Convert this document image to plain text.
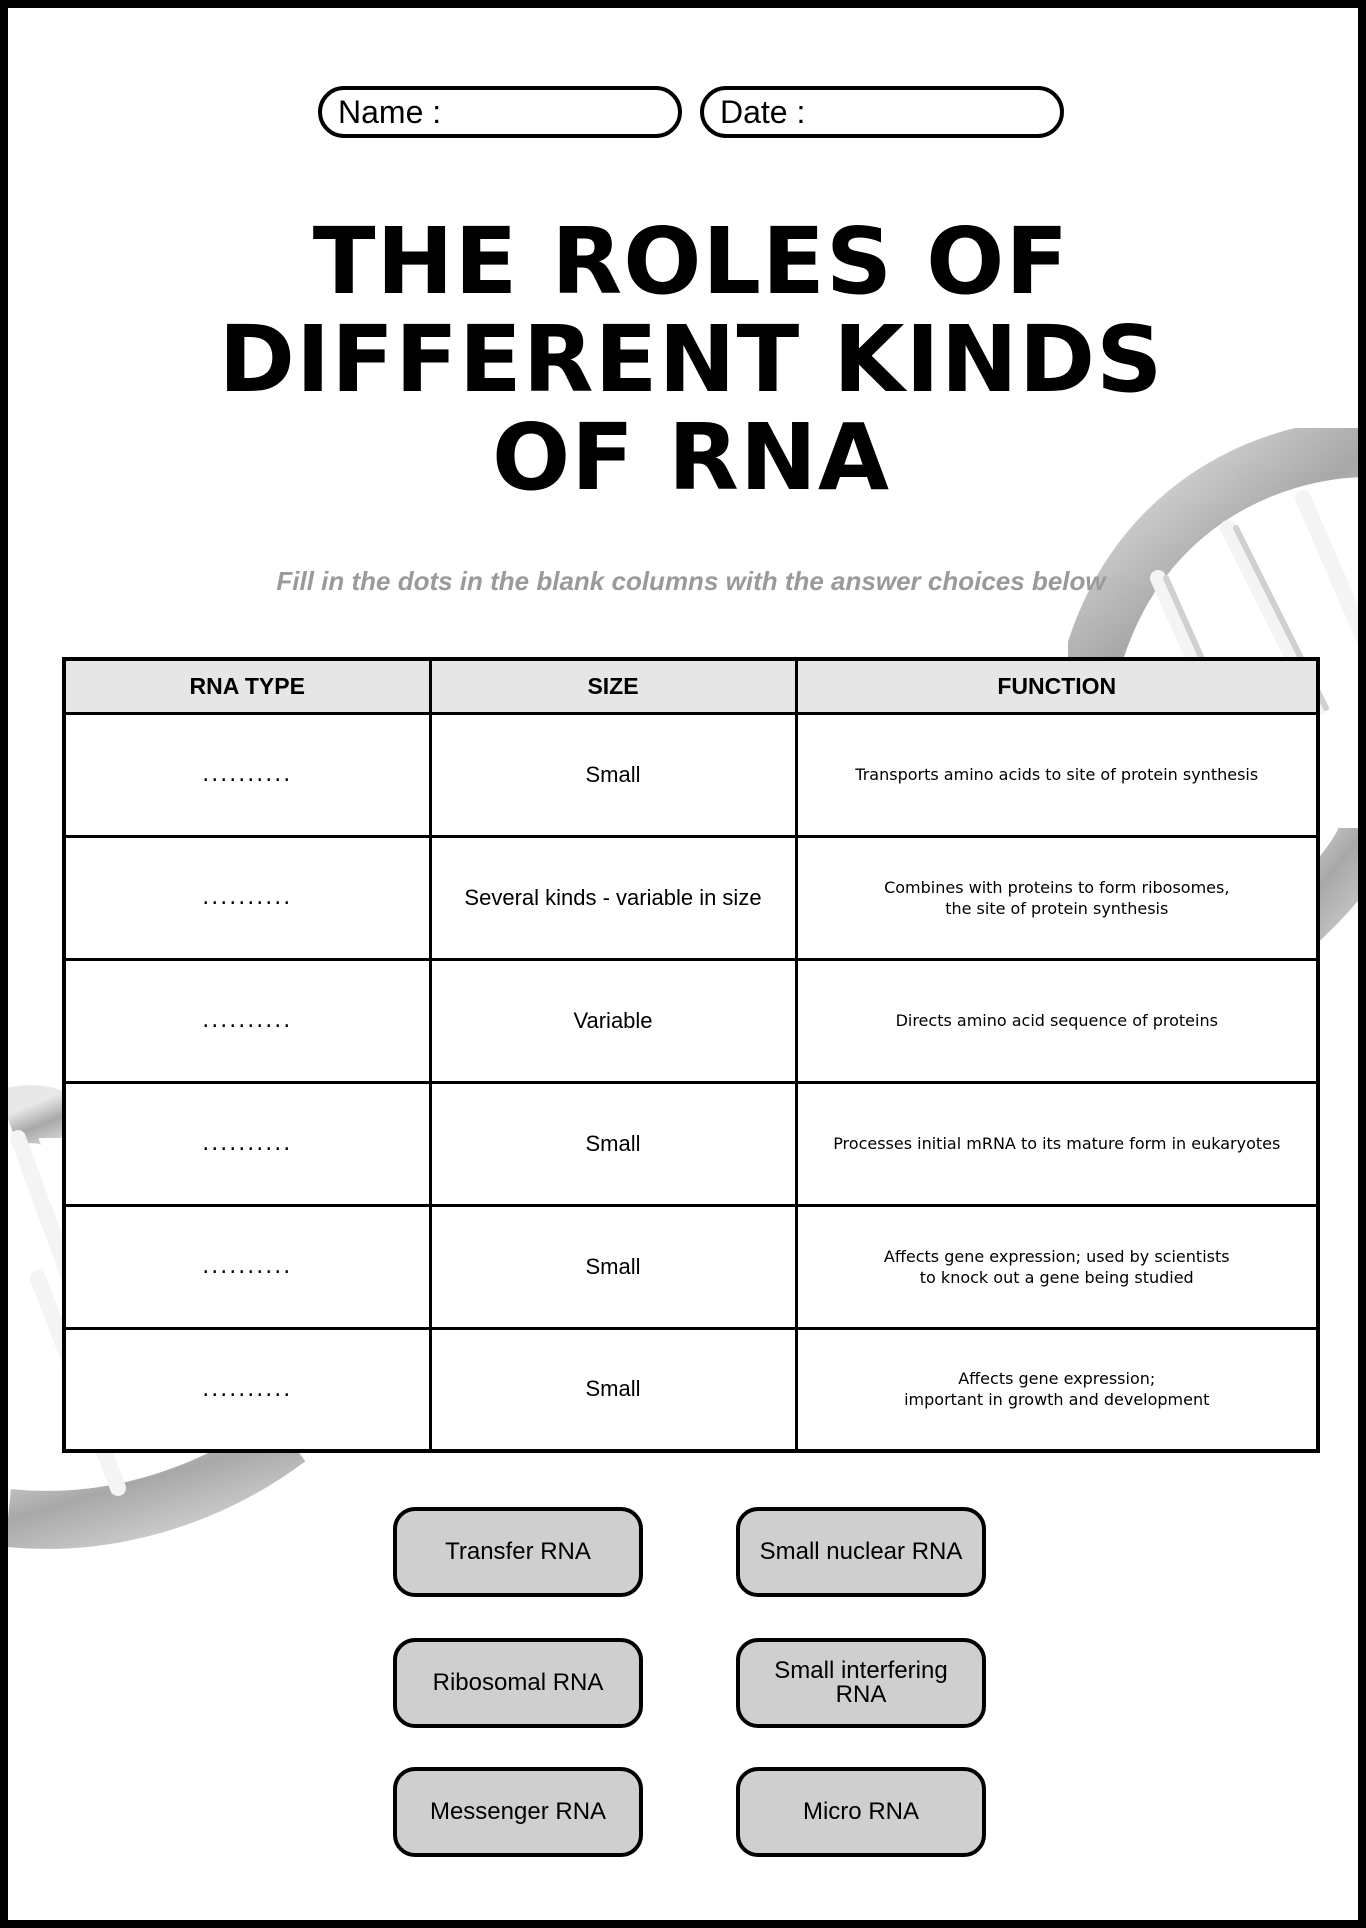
Name :	Date :
THE ROLES OF
DIFFERENT KINDS
OF RNA
Fill in the dots in the blank columns with the answer choices below
RNA TYPE	SIZE	FUNCTION
..........	Small	Transports amino acids to site of protein synthesis

..........	Several kinds - variable in size	Combines with proteins to form ribosomes,
the site of protein synthesis

..........	Variable	Directs amino acid sequence of proteins

..........	Small	Processes initial mRNA to its mature form in eukaryotes

..........	Small	Affects gene expression; used by scientists
to knock out a gene being studied

..........	Small	Affects gene expression;
important in growth and development
Transfer RNA	Small nuclear RNA
Ribosomal RNA	Small interfering RNA
Messenger RNA	Micro RNA
